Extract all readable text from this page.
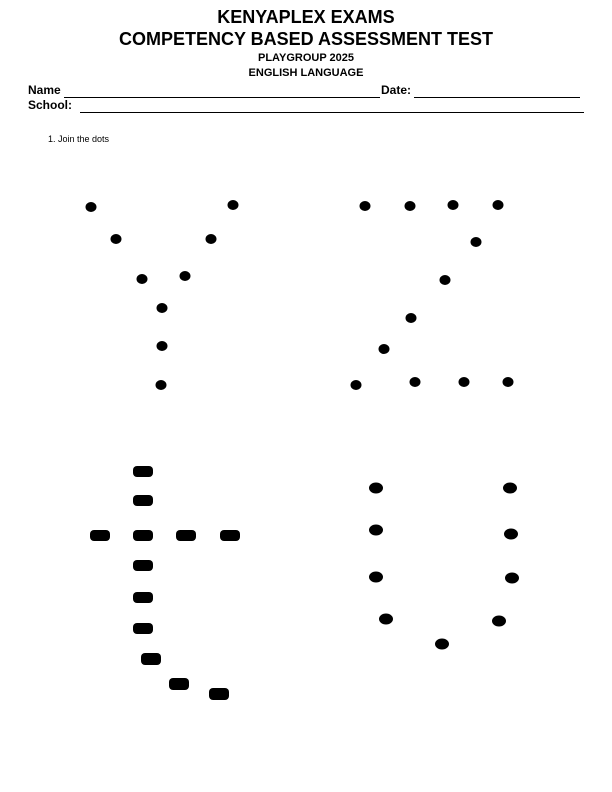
KENYAPLEX EXAMS
COMPETENCY BASED ASSESSMENT TEST
PLAYGROUP 2025
ENGLISH LANGUAGE
Name	Date:
School:
1. Join the dots
